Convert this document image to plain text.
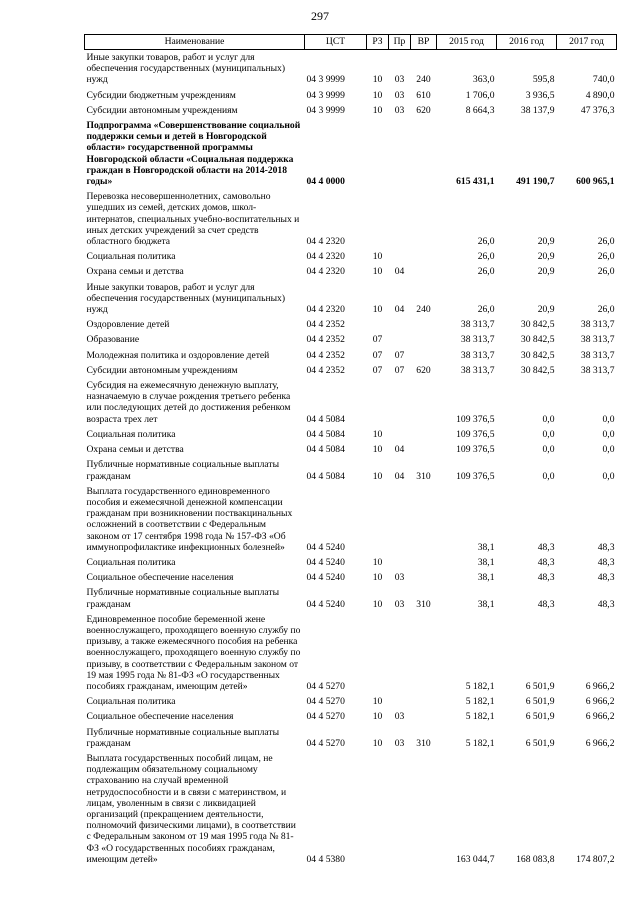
297
Наименование	ЦСТ	РЗ	Пр	ВР	2015 год	2016 год	2017 год
Иные закупки товаров, работ и услуг для обеспечения государственных (муниципальных) нужд	04 3 9999	10	03	240	363,0	595,8	740,0
Субсидии бюджетным учреждениям	04 3 9999	10	03	610	1 706,0	3 936,5	4 890,0
Субсидии автономным учреждениям	04 3 9999	10	03	620	8 664,3	38 137,9	47 376,3
Подпрограмма «Совершенствование социальной поддержки семьи и детей в Новгородской области» государственной программы Новгородской области «Социальная поддержка граждан в Новгородской области на 2014-2018 годы»	04 4 0000				615 431,1	491 190,7	600 965,1
Перевозка несовершеннолетних, самовольно ушедших из семей, детских домов, школ-интернатов, специальных учебно-воспитательных и иных детских учреждений за счет средств областного бюджета	04 4 2320				26,0	20,9	26,0
Социальная политика	04 4 2320	10			26,0	20,9	26,0
Охрана семьи и детства	04 4 2320	10	04		26,0	20,9	26,0
Иные закупки товаров, работ и услуг для обеспечения государственных (муниципальных) нужд	04 4 2320	10	04	240	26,0	20,9	26,0
Оздоровление детей	04 4 2352				38 313,7	30 842,5	38 313,7
Образование	04 4 2352	07			38 313,7	30 842,5	38 313,7
Молодежная политика и оздоровление детей	04 4 2352	07	07		38 313,7	30 842,5	38 313,7
Субсидии автономным учреждениям	04 4 2352	07	07	620	38 313,7	30 842,5	38 313,7
Субсидия на ежемесячную денежную выплату, назначаемую в случае рождения третьего ребенка или последующих детей до достижения ребенком возраста трех лет	04 4 5084				109 376,5	0,0	0,0
Социальная политика	04 4 5084	10			109 376,5	0,0	0,0
Охрана семьи и детства	04 4 5084	10	04		109 376,5	0,0	0,0
Публичные нормативные социальные выплаты гражданам	04 4 5084	10	04	310	109 376,5	0,0	0,0
Выплата государственного единовременного пособия и ежемесячной денежной компенсации гражданам при возникновении поствакцинальных осложнений в соответствии с Федеральным законом от 17 сентября 1998 года № 157-ФЗ «Об иммунопрофилактике инфекционных болезней»	04 4 5240				38,1	48,3	48,3
Социальная политика	04 4 5240	10			38,1	48,3	48,3
Социальное обеспечение населения	04 4 5240	10	03		38,1	48,3	48,3
Публичные нормативные социальные выплаты гражданам	04 4 5240	10	03	310	38,1	48,3	48,3
Единовременное пособие беременной жене военнослужащего, проходящего военную службу по призыву, а также ежемесячного пособия на ребенка военнослужащего, проходящего военную службу по призыву, в соответствии с Федеральным законом от 19 мая 1995 года № 81-ФЗ «О государственных пособиях гражданам, имеющим детей»	04 4 5270				5 182,1	6 501,9	6 966,2
Социальная политика	04 4 5270	10			5 182,1	6 501,9	6 966,2
Социальное обеспечение населения	04 4 5270	10	03		5 182,1	6 501,9	6 966,2
Публичные нормативные социальные выплаты гражданам	04 4 5270	10	03	310	5 182,1	6 501,9	6 966,2
Выплата государственных пособий лицам, не подлежащим обязательному социальному страхованию на случай временной нетрудоспособности и в связи с материнством, и лицам, уволенным в связи с ликвидацией организаций (прекращением деятельности, полномочий физическими лицами), в соответствии с Федеральным законом от 19 мая 1995 года № 81-ФЗ «О государственных пособиях гражданам, имеющим детей»	04 4 5380				163 044,7	168 083,8	174 807,2
